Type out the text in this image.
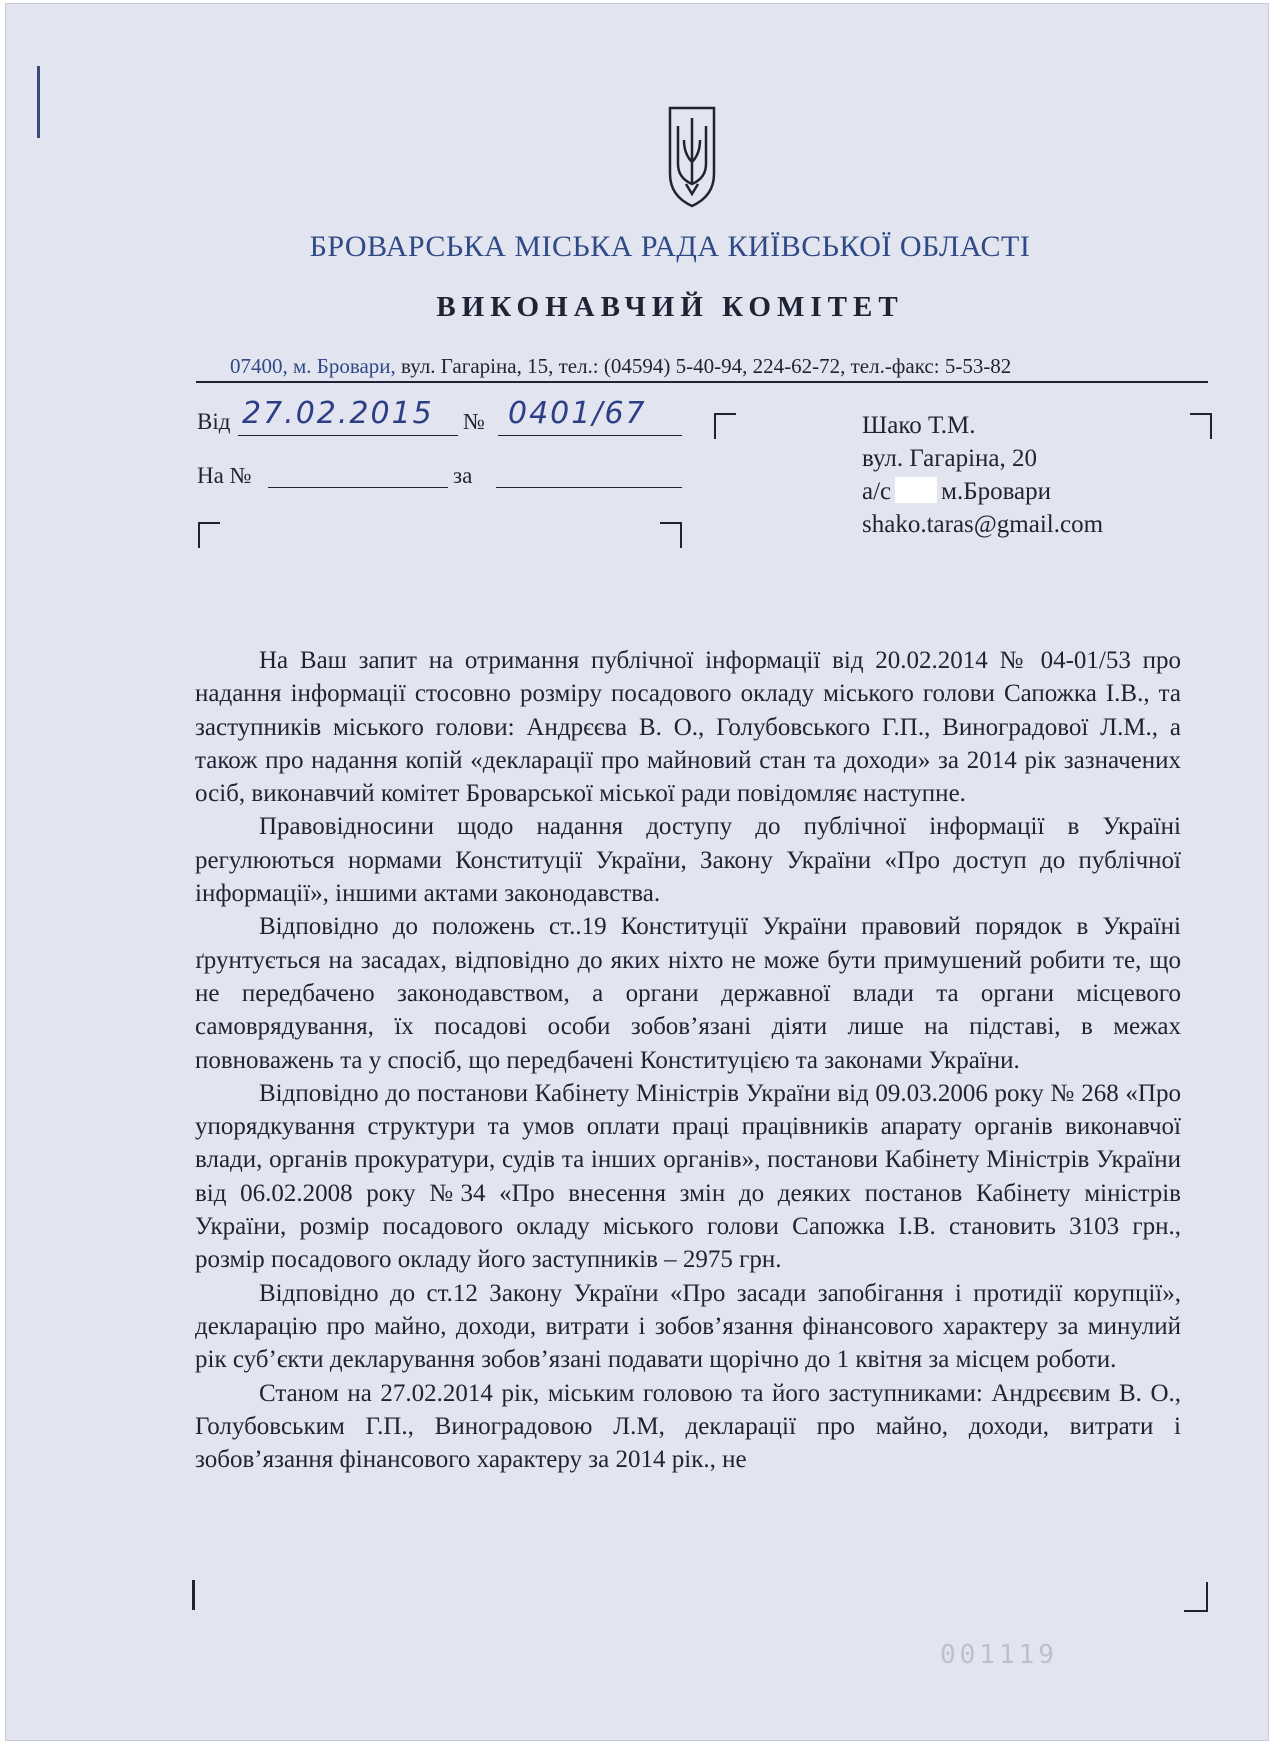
БРОВАРСЬКА МІСЬКА РАДА КИЇВСЬКОЇ ОБЛАСТІ
ВИКОНАВЧИЙ КОМІТЕТ
07400, м. Бровари, вул. Гагаріна, 15, тел.: (04594) 5-40-94, 224-62-72, тел.-факс: 5-53-82
Від 27.02.2015 № 0401/67
На №	за
Шако Т.М.
вул. Гагаріна, 20
а/с м.Бровари
shako.taras@gmail.com

На Ваш запит на отримання публічної інформації від 20.02.2014 № 04-01/53 про надання інформації стосовно розміру посадового окладу міського голови Сапожка І.В., та заступників міського голови: Андрєєва В. О., Голубовського Г.П., Виноградової Л.М., а також про надання копій «декларації про майновий стан та доходи» за 2014 рік зазначених осіб, виконавчий комітет Броварської міської ради повідомляє наступне.

Правовідносини щодо надання доступу до публічної інформації в Україні регулюються нормами Конституції України, Закону України «Про доступ до публічної інформації», іншими актами законодавства.

Відповідно до положень ст..19 Конституції України правовий порядок в Україні ґрунтується на засадах, відповідно до яких ніхто не може бути примушений робити те, що не передбачено законодавством, а органи державної влади та органи місцевого самоврядування, їх посадові особи зобов’язані діяти лише на підставі, в межах повноважень та у спосіб, що передбачені Конституцією та законами України.

Відповідно до постанови Кабінету Міністрів України від 09.03.2006 року № 268 «Про упорядкування структури та умов оплати праці працівників апарату органів виконавчої влади, органів прокуратури, судів та інших органів», постанови Кабінету Міністрів України від 06.02.2008 року №34 «Про внесення змін до деяких постанов Кабінету міністрів України, розмір посадового окладу міського голови Сапожка І.В. становить 3103 грн., розмір посадового окладу його заступників – 2975 грн.

Відповідно до ст.12 Закону України «Про засади запобігання і протидії корупції», декларацію про майно, доходи, витрати і зобов’язання фінансового характеру за минулий рік суб’єкти декларування зобов’язані подавати щорічно до 1 квітня за місцем роботи.

Станом на 27.02.2014 рік, міським головою та його заступниками: Андрєєвим В. О., Голубовським Г.П., Виноградовою Л.М, декларації про майно, доходи, витрати і зобов’язання фінансового характеру за 2014 рік., не

001119
